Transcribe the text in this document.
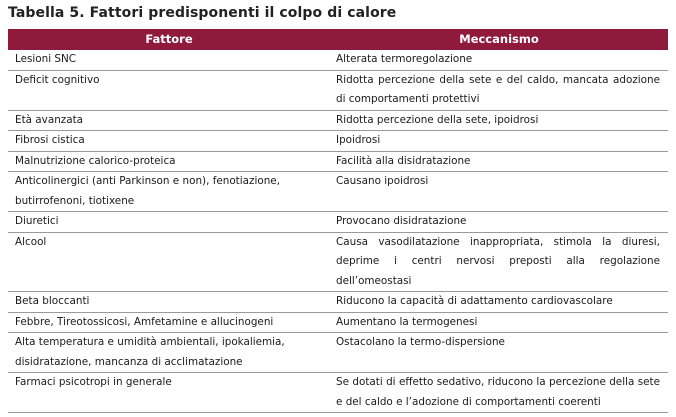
Tabella 5. Fattori predisponenti il colpo di calore
Fattore	Meccanismo
Lesioni SNC	Alterata termoregolazione
Deficit cognitivo	Ridotta percezione della sete e del caldo, mancata adozione di comportamenti protettivi
Età avanzata	Ridotta percezione della sete, ipoidrosi
Fibrosi cistica	Ipoidrosi
Malnutrizione calorico-proteica	Facilità alla disidratazione
Anticolinergici (anti Parkinson e non), fenotiazione, butirrofenoni, tiotixene	Causano ipoidrosi
Diuretici	Provocano disidratazione
Alcool	Causa vasodilatazione inappropriata, stimola la diuresi, deprime i centri nervosi preposti alla regolazione dell’omeostasi
Beta bloccanti	Riducono la capacità di adattamento cardiovascolare
Febbre, Tireotossicosi, Amfetamine e allucinogeni	Aumentano la termogenesi
Alta temperatura e umidità ambientali, ipokaliemia, disidratazione, mancanza di acclimatazione	Ostacolano la termo-dispersione
Farmaci psicotropi in generale	Se dotati di effetto sedativo, riducono la percezione della sete e del caldo e l’adozione di comportamenti coerenti
